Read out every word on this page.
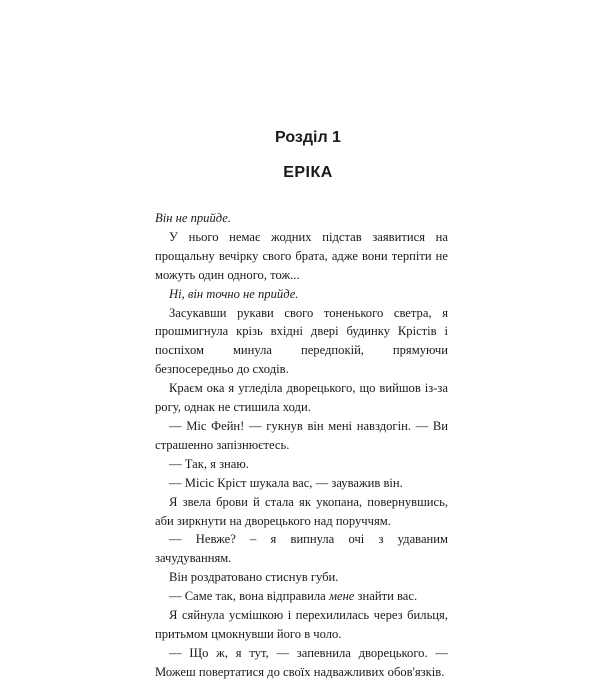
Розділ 1
ЕРІКА

Він не прийде.

У нього немає жодних підстав заявитися на прощальну вечірку свого брата, адже вони терпіти не можуть один одного, тож...

Ні, він точно не прийде.

Засукавши рукави свого тоненького светра, я прошмигнула крізь вхідні двері будинку Крістів і поспіхом минула передпокій, прямуючи безпосередньо до сходів.

Краєм ока я угледіла дворецького, що вийшов із-за рогу, однак не стишила ходи.

— Міс Фейн! — гукнув він мені навздогін. — Ви страшенно запізнюєтесь.

— Так, я знаю.

— Місіс Кріст шукала вас, — зауважив він.

Я звела брови й стала як укопана, повернувшись, аби зиркнути на дворецького над поруччям.

— Невже? – я випнула очі з удаваним зачудуванням.

Він роздратовано стиснув губи.

— Саме так, вона відправила мене знайти вас.

Я сяйнула усмішкою і перехилилась через бильця, притьмом цмокнувши його в чоло.

— Що ж, я тут, — запевнила дворецького. — Можеш повертатися до своїх надважливих обов'язків.
